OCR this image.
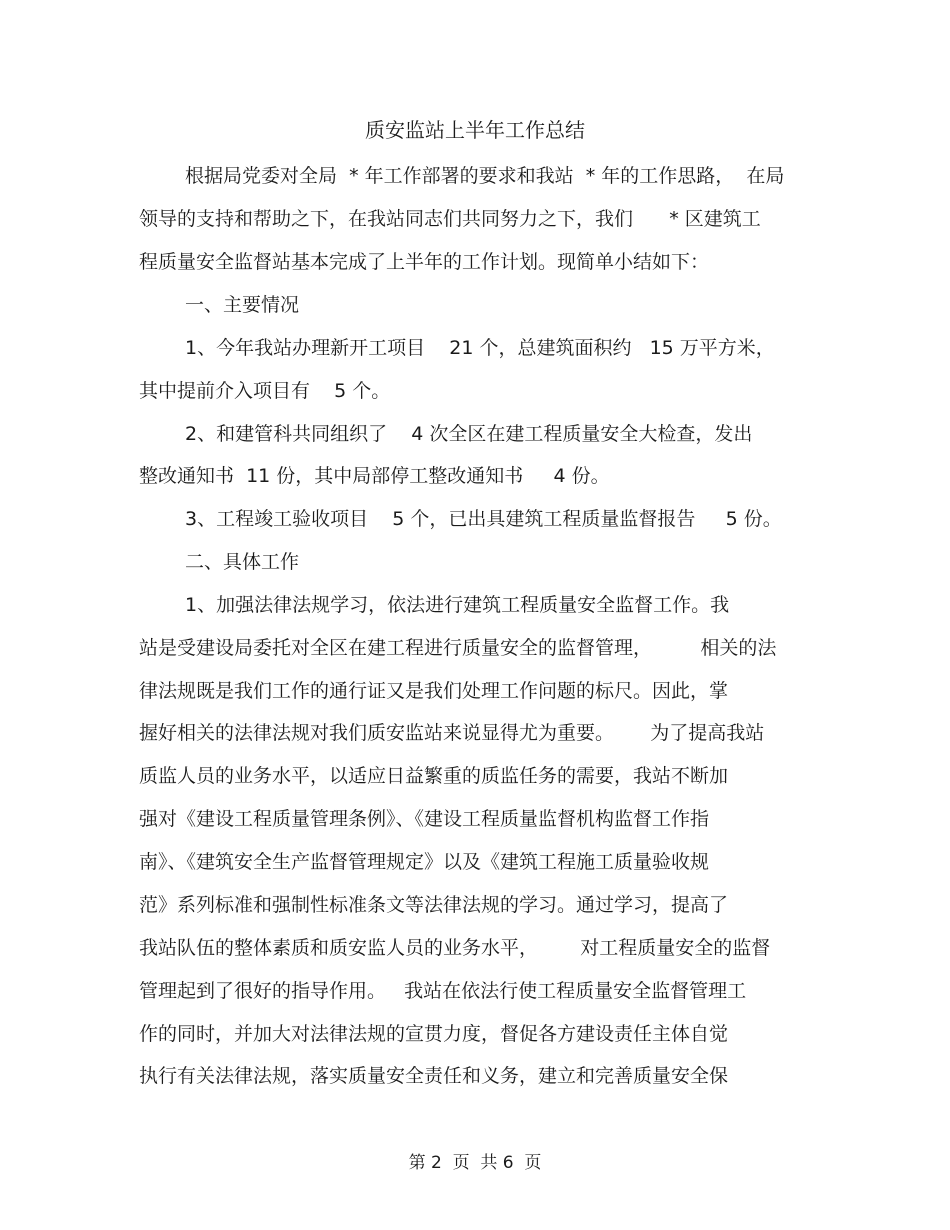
质安监站上半年工作总结
根据局党委对全局  * 年工作部署的要求和我站  * 年的工作思路，  在局
领导的支持和帮助之下，在我站同志们共同努力之下，我们      * 区建筑工
程质量安全监督站基本完成了上半年的工作计划。现简单小结如下：
一、主要情况
1、今年我站办理新开工项目    21 个，总建筑面积约   15 万平方米，
其中提前介入项目有    5 个。
2、和建管科共同组织了    4 次全区在建工程质量安全大检查，发出
整改通知书  11 份，其中局部停工整改通知书     4 份。
3、工程竣工验收项目    5 个，已出具建筑工程质量监督报告     5 份。
二、具体工作
1、加强法律法规学习，依法进行建筑工程质量安全监督工作。我
站是受建设局委托对全区在建工程进行质量安全的监督管理，        相关的法
律法规既是我们工作的通行证又是我们处理工作问题的标尺。因此，掌
握好相关的法律法规对我们质安监站来说显得尤为重要。      为了提高我站
质监人员的业务水平，以适应日益繁重的质监任务的需要，我站不断加
强对《建设工程质量管理条例》、《建设工程质量监督机构监督工作指
南》、《建筑安全生产监督管理规定》以及《建筑工程施工质量验收规
范》系列标准和强制性标准条文等法律法规的学习。通过学习，提高了
我站队伍的整体素质和质安监人员的业务水平，       对工程质量安全的监督
管理起到了很好的指导作用。   我站在依法行使工程质量安全监督管理工
作的同时，并加大对法律法规的宣贯力度，督促各方建设责任主体自觉
执行有关法律法规，落实质量安全责任和义务，建立和完善质量安全保
第 2  页  共 6  页
